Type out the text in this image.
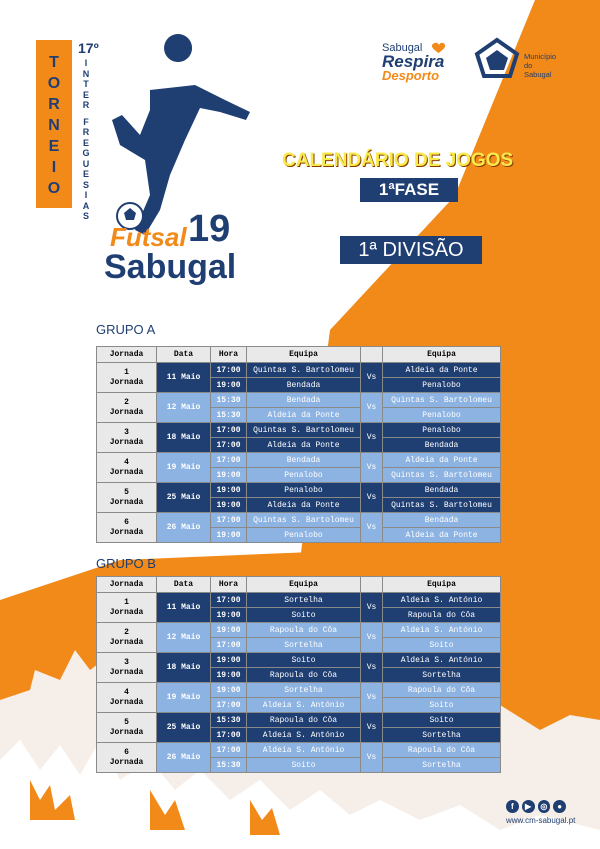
T
O
R
N
E
I
O
17º
I
N
T
E
R
F
R
E
G
U
E
S
I
A
S
Futsal 19
Sabugal
Sabugal
Respira
Desporto
Município
do
Sabugal
CALENDÁRIO DE JOGOS
1ªFASE
1ª DIVISÃO
GRUPO A
Jornada	Data	Hora	Equipa		Equipa

1
Jornada	11 Maio	17:00	Quintas S. Bartolomeu	Vs	Aldeia da Ponte
		19:00	Bendada		Penalobo

2
Jornada	12 Maio	15:30	Bendada	Vs	Quintas S. Bartolomeu
		15:30	Aldeia da Ponte		Penalobo

3
Jornada	18 Maio	17:00	Quintas S. Bartolomeu	Vs	Penalobo
		17:00	Aldeia da Ponte		Bendada

4
Jornada	19 Maio	17:00	Bendada	Vs	Aldeia da Ponte
		19:00	Penalobo		Quintas S. Bartolomeu

5
Jornada	25 Maio	19:00	Penalobo	Vs	Bendada
		19:00	Aldeia da Ponte		Quintas S. Bartolomeu

6
Jornada	26 Maio	17:00	Quintas S. Bartolomeu	Vs	Bendada
		19:00	Penalobo		Aldeia da Ponte
GRUPO B
Jornada	Data	Hora	Equipa		Equipa

1
Jornada	11 Maio	17:00	Sortelha	Vs	Aldeia S. António
		19:00	Soito		Rapoula do Côa

2
Jornada	12 Maio	19:00	Rapoula do Côa	Vs	Aldeia S. António
		17:00	Sortelha		Soito

3
Jornada	18 Maio	19:00	Soito	Vs	Aldeia S. António
		19:00	Rapoula do Côa		Sortelha

4
Jornada	19 Maio	19:00	Sortelha	Vs	Rapoula do Côa
		17:00	Aldeia S. António		Soito

5
Jornada	25 Maio	15:30	Rapoula do Côa	Vs	Soito
		17:00	Aldeia S. António		Sortelha

6
Jornada	26 Maio	17:00	Aldeia S. António	Vs	Rapoula do Côa
		15:30	Soito		Sortelha
f	▶	◎	●
www.cm-sabugal.pt
